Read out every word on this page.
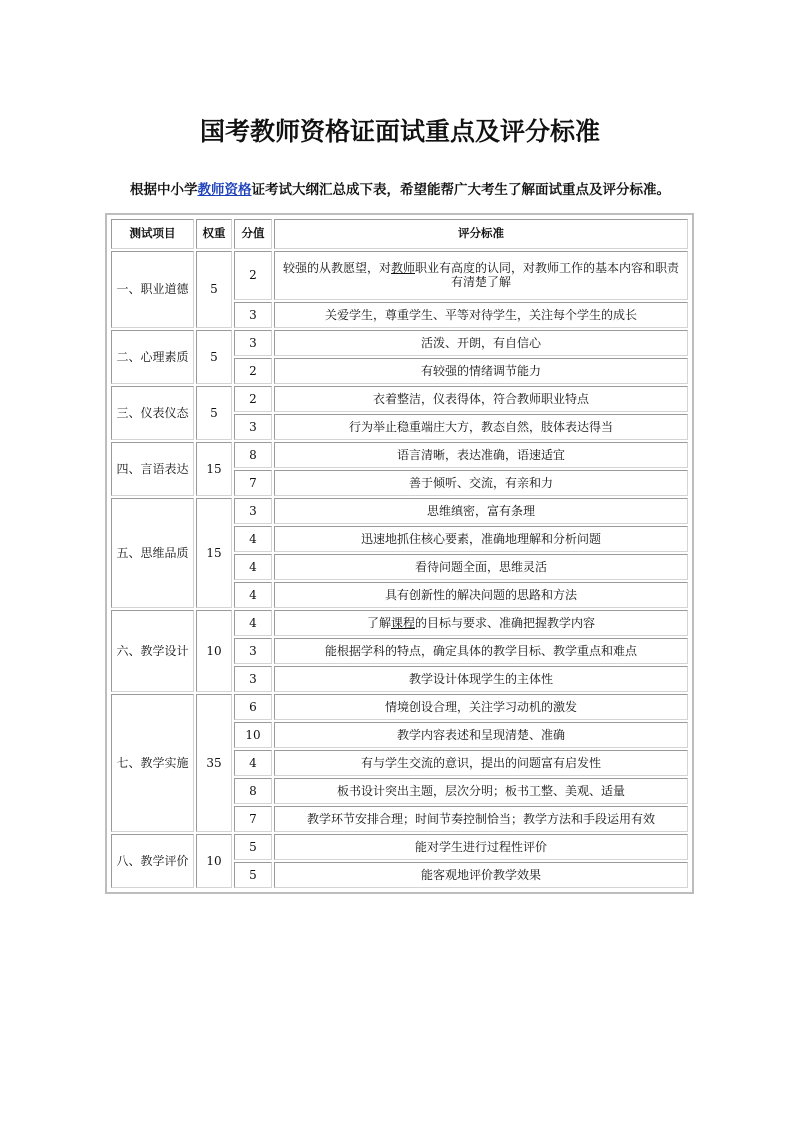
国考教师资格证面试重点及评分标准
根据中小学教师资格证考试大纲汇总成下表，希望能帮广大考生了解面试重点及评分标准。
测试项目	权重	分值	评分标准
一、职业道德	5	2	较强的从教愿望，对教师职业有高度的认同，对教师工作的基本内容和职责有清楚了解
		3	关爱学生，尊重学生、平等对待学生，关注每个学生的成长
二、心理素质	5	3	活泼、开朗，有自信心
		2	有较强的情绪调节能力
三、仪表仪态	5	2	衣着整洁，仪表得体，符合教师职业特点
		3	行为举止稳重端庄大方，教态自然，肢体表达得当
四、言语表达	15	8	语言清晰，表达准确，语速适宜
		7	善于倾听、交流，有亲和力
五、思维品质	15	3	思维缜密，富有条理
		4	迅速地抓住核心要素，准确地理解和分析问题
		4	看待问题全面，思维灵活
		4	具有创新性的解决问题的思路和方法
六、教学设计	10	4	了解课程的目标与要求、准确把握教学内容
		3	能根据学科的特点，确定具体的教学目标、教学重点和难点
		3	教学设计体现学生的主体性
七、教学实施	35	6	情境创设合理，关注学习动机的激发
		10	教学内容表述和呈现清楚、准确
		4	有与学生交流的意识，提出的问题富有启发性
		8	板书设计突出主题，层次分明；板书工整、美观、适量
		7	教学环节安排合理；时间节奏控制恰当；教学方法和手段运用有效
八、教学评价	10	5	能对学生进行过程性评价
		5	能客观地评价教学效果
